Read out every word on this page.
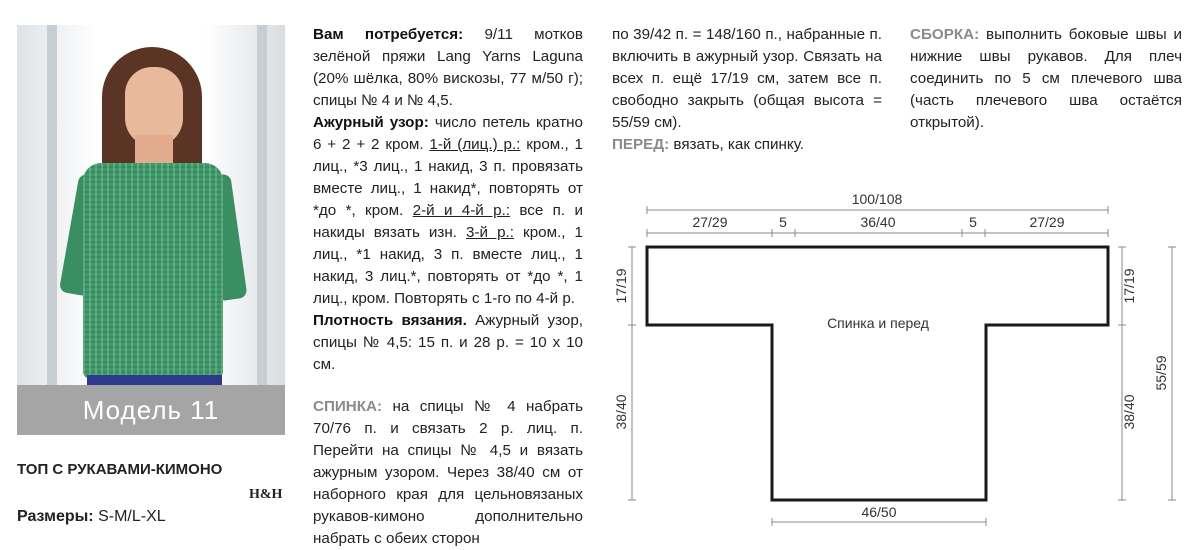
Модель 11
ТОП С РУКАВАМИ-КИМОНО
H&H
Размеры: S-M/L-XL

Вам потребуется: 9/11 мотков зелёной пряжи Lang Yarns Laguna (20% шёлка, 80% вискозы, 77 м/50 г); спицы № 4 и № 4,5.

Ажурный узор: число петель кратно 6 + 2 + 2 кром. 1-й (лиц.) р.: кром., 1 лиц., *3 лиц., 1 накид, 3 п. провязать вместе лиц., 1 накид*, повторять от *до *, кром. 2-й и 4-й р.: все п. и накиды вязать изн. 3-й р.: кром., 1 лиц., *1 накид, 3 п. вместе лиц., 1 накид, 3 лиц.*, повторять от *до *, 1 лиц., кром. Повторять с 1-го по 4-й р.

Плотность вязания. Ажурный узор, спицы № 4,5: 15 п. и 28 р. = 10 х 10 см.

СПИНКА: на спицы № 4 набрать 70/76 п. и связать 2 р. лиц. п. Перейти на спицы № 4,5 и вязать ажурным узором. Через 38/40 см от наборного края для цельновязаных рукавов-кимоно дополнительно набрать с обеих сторон

по 39/42 п. = 148/160 п., набранные п. включить в ажурный узор. Связать на всех п. ещё 17/19 см, затем все п. свободно закрыть (общая высота = 55/59 см).

ПЕРЕД: вязать, как спинку.

СБОРКА: выполнить боковые швы и нижние швы рукавов. Для плеч соединить по 5 см плечевого шва (часть плечевого шва остаётся открытой).

100/108
27/29	5	36/40	5	27/29
17/19
38/40
17/19
38/40
55/59
46/50
Спинка и перед
